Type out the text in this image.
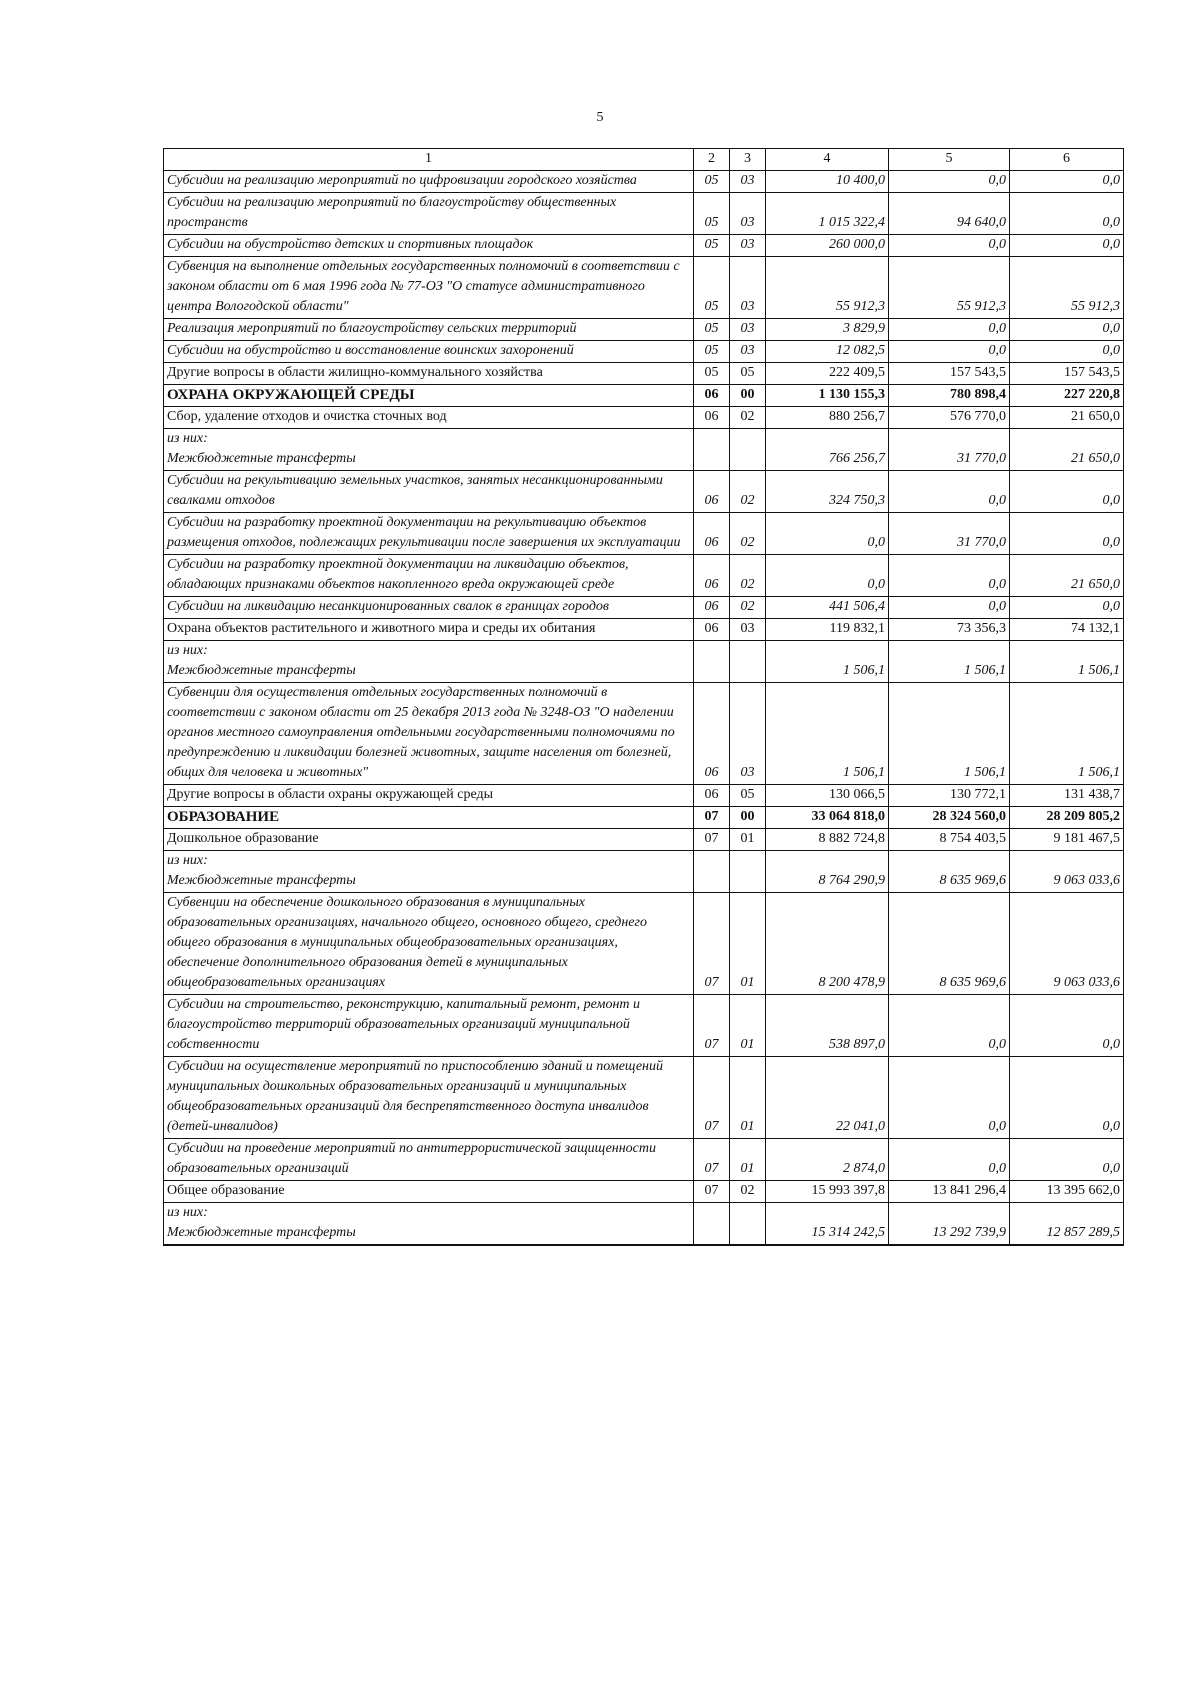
5
1	2	3	4	5	6
Субсидии на реализацию мероприятий по цифровизации городского хозяйства	05	03	10 400,0	0,0	0,0
Субсидии на реализацию мероприятий по благоустройству общественных пространств	05	03	1 015 322,4	94 640,0	0,0
Субсидии на обустройство детских и спортивных площадок	05	03	260 000,0	0,0	0,0
Субвенция на выполнение отдельных государственных полномочий в соответствии с законом области от 6 мая 1996 года № 77-ОЗ "О статусе административного центра Вологодской области"	05	03	55 912,3	55 912,3	55 912,3
Реализация мероприятий по благоустройству сельских территорий	05	03	3 829,9	0,0	0,0
Субсидии на обустройство и восстановление воинских захоронений	05	03	12 082,5	0,0	0,0
Другие вопросы в области жилищно-коммунального хозяйства	05	05	222 409,5	157 543,5	157 543,5
ОХРАНА ОКРУЖАЮЩЕЙ СРЕДЫ	06	00	1 130 155,3	780 898,4	227 220,8
Сбор, удаление отходов и очистка сточных вод	06	02	880 256,7	576 770,0	21 650,0

из них:
Межбюджетные трансферты			766 256,7	31 770,0	21 650,0
Субсидии на рекультивацию земельных участков, занятых несанкционированными свалками отходов	06	02	324 750,3	0,0	0,0
Субсидии на разработку проектной документации на рекультивацию объектов размещения отходов, подлежащих рекультивации после завершения их эксплуатации	06	02	0,0	31 770,0	0,0
Субсидии на разработку проектной документации на ликвидацию объектов, обладающих признаками объектов накопленного вреда окружающей среде	06	02	0,0	0,0	21 650,0
Субсидии на ликвидацию несанкционированных свалок в границах городов	06	02	441 506,4	0,0	0,0
Охрана объектов растительного и животного мира и среды их обитания	06	03	119 832,1	73 356,3	74 132,1

из них:
Межбюджетные трансферты			1 506,1	1 506,1	1 506,1
Субвенции для осуществления отдельных государственных полномочий в соответствии с законом области от 25 декабря 2013 года № 3248-ОЗ "О наделении органов местного самоуправления отдельными государственными полномочиями по предупреждению и ликвидации болезней животных, защите населения от болезней, общих для человека и животных"	06	03	1 506,1	1 506,1	1 506,1
Другие вопросы в области охраны окружающей среды	06	05	130 066,5	130 772,1	131 438,7
ОБРАЗОВАНИЕ	07	00	33 064 818,0	28 324 560,0	28 209 805,2
Дошкольное образование	07	01	8 882 724,8	8 754 403,5	9 181 467,5

из них:
Межбюджетные трансферты			8 764 290,9	8 635 969,6	9 063 033,6
Субвенции на обеспечение дошкольного образования в муниципальных образовательных организациях, начального общего, основного общего, среднего общего образования в муниципальных общеобразовательных организациях, обеспечение дополнительного образования детей в муниципальных общеобразовательных организациях	07	01	8 200 478,9	8 635 969,6	9 063 033,6
Субсидии на строительство, реконструкцию, капитальный ремонт, ремонт и благоустройство территорий образовательных организаций муниципальной собственности	07	01	538 897,0	0,0	0,0
Субсидии на осуществление мероприятий по приспособлению зданий и помещений муниципальных дошкольных образовательных организаций и муниципальных общеобразовательных организаций для беспрепятственного доступа инвалидов (детей-инвалидов)	07	01	22 041,0	0,0	0,0
Субсидии на проведение мероприятий по антитеррористической защищенности образовательных организаций	07	01	2 874,0	0,0	0,0
Общее образование	07	02	15 993 397,8	13 841 296,4	13 395 662,0

из них:
Межбюджетные трансферты			15 314 242,5	13 292 739,9	12 857 289,5
